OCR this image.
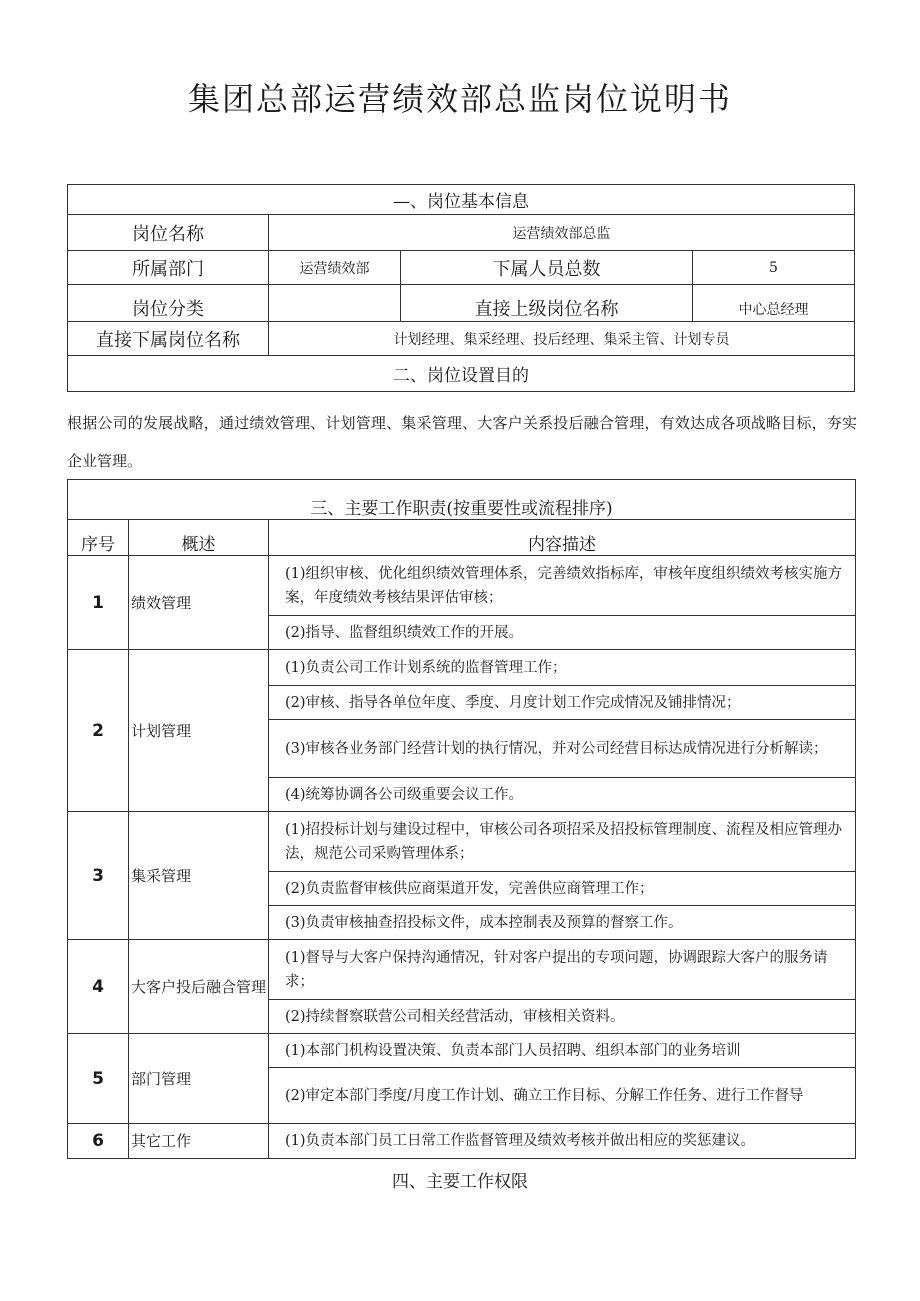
集团总部运营绩效部总监岗位说明书
—、岗位基本信息			
岗位名称	运营绩效部总监		
所属部门	运营绩效部	下属人员总数	5
岗位分类		直接上级岗位名称	中心总经理
直接下属岗位名称	计划经理、集采经理、投后经理、集采主管、计划专员		
二、岗位设置目的			
根据公司的发展战略，通过绩效管理、计划管理、集采管理、大客户关系投后融合管理，有效达成各项战略目标，夯实企业管理。
三、主要工作职责(按重要性或流程排序)		
序号	概述	内容描述
1	绩效管理	(1)组织审核、优化组织绩效管理体系，完善绩效指标库，审核年度组织绩效考核实施方案，年度绩效考核结果评估审核；
		(2)指导、监督组织绩效工作的开展。
2	计划管理	(1)负责公司工作计划系统的监督管理工作；
		(2)审核、指导各单位年度、季度、月度计划工作完成情况及铺排情况；
		(3)审核各业务部门经营计划的执行情况，并对公司经营目标达成情况进行分析解读；
		(4)统筹协调各公司级重要会议工作。
3	集采管理	(1)招投标计划与建设过程中，审核公司各项招采及招投标管理制度、流程及相应管理办法，规范公司采购管理体系；
		(2)负责监督审核供应商渠道开发，完善供应商管理工作；
		(3)负责审核抽查招投标文件，成本控制表及预算的督察工作。
4	大客户投后融合管理	(1)督导与大客户保持沟通情况，针对客户提出的专项问题，协调跟踪大客户的服务请求；
		(2)持续督察联营公司相关经营活动，审核相关资料。
5	部门管理	(1)本部门机构设置决策、负责本部门人员招聘、组织本部门的业务培训
		(2)审定本部门季度/月度工作计划、确立工作目标、分解工作任务、进行工作督导
6	其它工作	(1)负责本部门员工日常工作监督管理及绩效考核并做出相应的奖惩建议。
四、主要工作权限
